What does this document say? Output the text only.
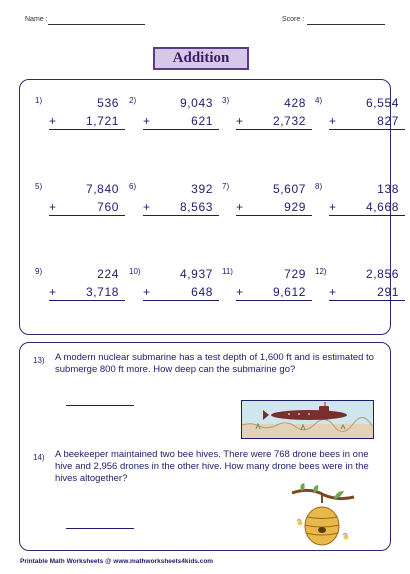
Name :	Score :
Addition
1)	536
+ 1,721
2)	9,043
+	621
3)	428
+ 2,732
4)	6,554
+	827
5)	7,840
+	760
6)	392
+ 8,563
7)	5,607
+	929
8)	138
+ 4,668
9)	224
+ 3,718
10)	4,937
+	648
11)	729
+ 9,612
12)	2,856
+	291
13) A modern nuclear submarine has a test depth of 1,600 ft and is estimated to submerge 800 ft more. How deep can the submarine go?

14) A beekeeper maintained two bee hives. There were 768 drone bees in one hive and 2,956 drones in the other hive. How many drone bees were in the hives altogether?

Printable Math Worksheets @ www.mathworksheets4kids.com
